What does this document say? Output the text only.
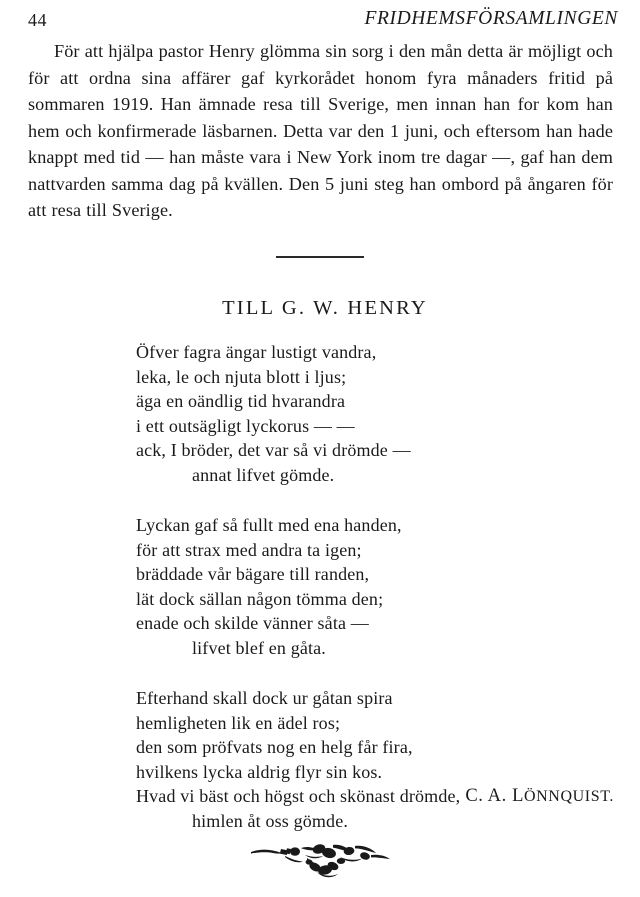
44	FRIDHEMSFÖRSAMLINGEN

För att hjälpa pastor Henry glömma sin sorg i den mån detta är möjligt och för att ordna sina affärer gaf kyrkorådet honom fyra månaders fritid på sommaren 1919. Han ämnade resa till Sverige, men innan han for kom han hem och konfirmerade läsbarnen. Detta var den 1 juni, och eftersom han hade knappt med tid — han måste vara i New York inom tre dagar —, gaf han dem nattvarden samma dag på kvällen. Den 5 juni steg han ombord på ångaren för att resa till Sverige.

TILL G. W. HENRY
Öfver fagra ängar lustigt vandra,
leka, le och njuta blott i ljus;
äga en oändlig tid hvarandra
i ett outsägligt lyckorus — —
ack, I bröder, det var så vi drömde —
annat lifvet gömde.
Lyckan gaf så fullt med ena handen,
för att strax med andra ta igen;
bräddade vår bägare till randen,
lät dock sällan någon tömma den;
enade och skilde vänner såta —
lifvet blef en gåta.
Efterhand skall dock ur gåtan spira
hemligheten lik en ädel ros;
den som pröfvats nog en helg får fira,
hvilkens lycka aldrig flyr sin kos.
Hvad vi bäst och högst och skönast drömde,
himlen åt oss gömde.
C. A. LÖNNQUIST.
